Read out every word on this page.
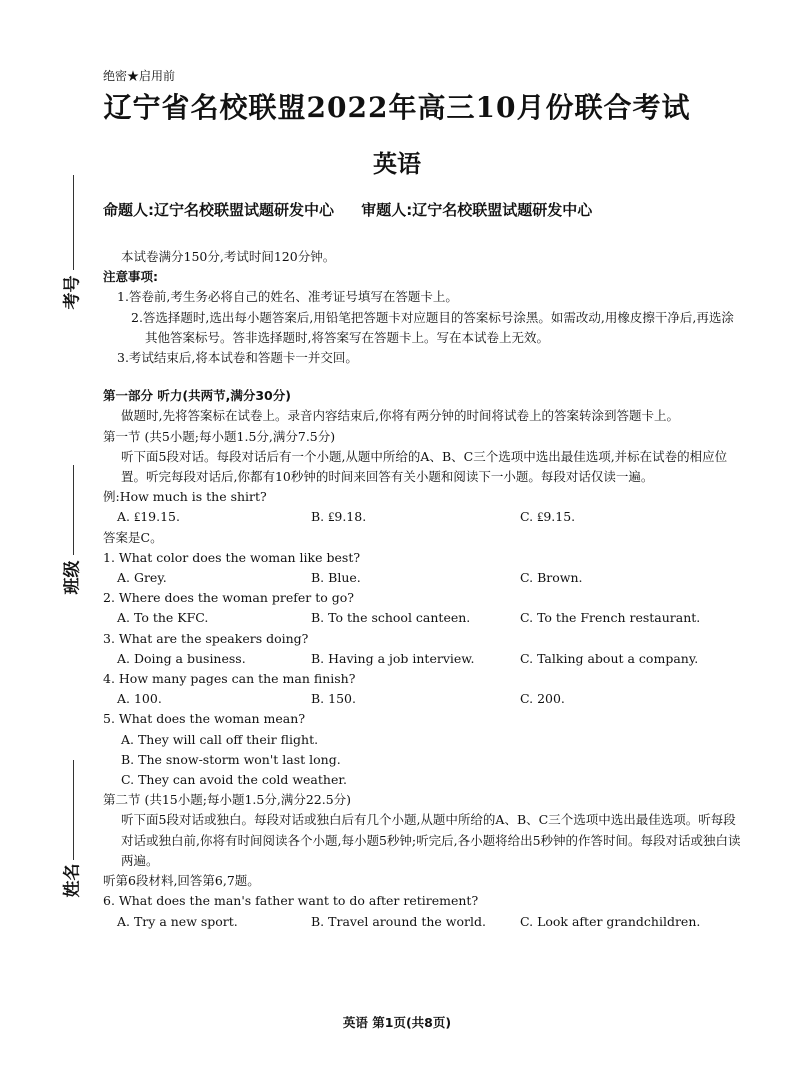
绝密★启用前
辽宁省名校联盟2022年高三10月份联合考试
英语
命题人:辽宁名校联盟试题研发中心 审题人:辽宁名校联盟试题研发中心
考号
班级
姓名

本试卷满分150分,考试时间120分钟。

注意事项:

1.答卷前,考生务必将自己的姓名、准考证号填写在答题卡上。

2.答选择题时,选出每小题答案后,用铅笔把答题卡对应题目的答案标号涂黑。如需改动,用橡皮擦干净后,再选涂其他答案标号。答非选择题时,将答案写在答题卡上。写在本试卷上无效。

3.考试结束后,将本试卷和答题卡一并交回。

第一部分 听力(共两节,满分30分)

做题时,先将答案标在试卷上。录音内容结束后,你将有两分钟的时间将试卷上的答案转涂到答题卡上。

第一节 (共5小题;每小题1.5分,满分7.5分)

听下面5段对话。每段对话后有一个小题,从题中所给的A、B、C三个选项中选出最佳选项,并标在试卷的相应位置。听完每段对话后,你都有10秒钟的时间来回答有关小题和阅读下一小题。每段对话仅读一遍。

例:How much is the shirt?

A. ₤19.15.	B. ₤9.18.	C. ₤9.15.

答案是C。

1. What color does the woman like best?

A. Grey.	B. Blue.	C. Brown.

2. Where does the woman prefer to go?

A. To the KFC.	B. To the school canteen.	C. To the French restaurant.

3. What are the speakers doing?

A. Doing a business.	B. Having a job interview.	C. Talking about a company.

4. How many pages can the man finish?

A. 100.	B. 150.	C. 200.

5. What does the woman mean?

A. They will call off their flight.

B. The snow-storm won't last long.

C. They can avoid the cold weather.

第二节 (共15小题;每小题1.5分,满分22.5分)

听下面5段对话或独白。每段对话或独白后有几个小题,从题中所给的A、B、C三个选项中选出最佳选项。听每段对话或独白前,你将有时间阅读各个小题,每小题5秒钟;听完后,各小题将给出5秒钟的作答时间。每段对话或独白读两遍。

听第6段材料,回答第6,7题。

6. What does the man's father want to do after retirement?

A. Try a new sport.	B. Travel around the world.	C. Look after grandchildren.
英语 第1页(共8页)
